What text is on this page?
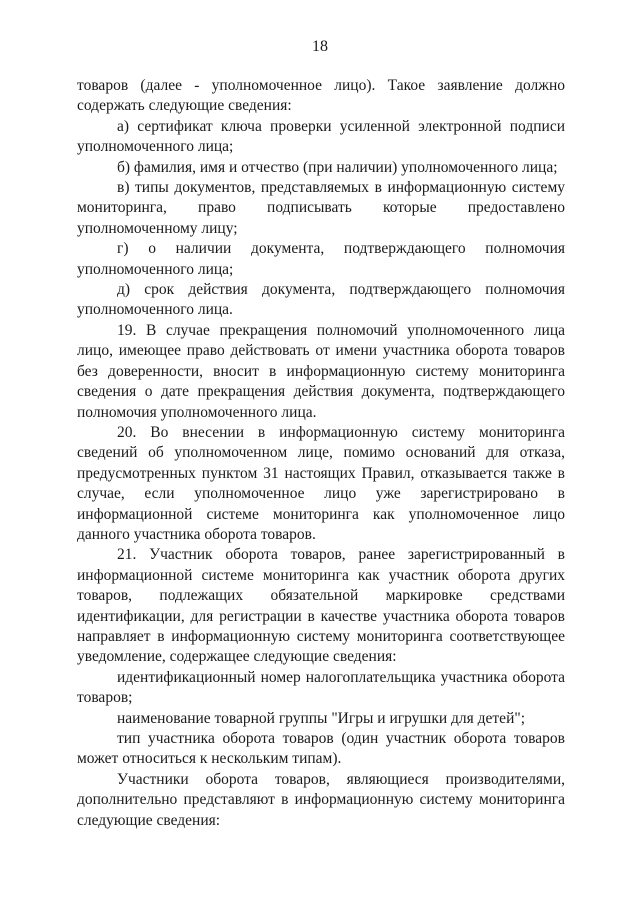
18

товаров (далее - уполномоченное лицо). Такое заявление должно содержать следующие сведения:

а) сертификат ключа проверки усиленной электронной подписи уполномоченного лица;

б) фамилия, имя и отчество (при наличии) уполномоченного лица;

в) типы документов, представляемых в информационную систему мониторинга, право подписывать которые предоставлено уполномоченному лицу;

г) о наличии документа, подтверждающего полномочия уполномоченного лица;

д) срок действия документа, подтверждающего полномочия уполномоченного лица.

19. В случае прекращения полномочий уполномоченного лица лицо, имеющее право действовать от имени участника оборота товаров без доверенности, вносит в информационную систему мониторинга сведения о дате прекращения действия документа, подтверждающего полномочия уполномоченного лица.

20. Во внесении в информационную систему мониторинга сведений об уполномоченном лице, помимо оснований для отказа, предусмотренных пунктом 31 настоящих Правил, отказывается также в случае, если уполномоченное лицо уже зарегистрировано в информационной системе мониторинга как уполномоченное лицо данного участника оборота товаров.

21. Участник оборота товаров, ранее зарегистрированный в информационной системе мониторинга как участник оборота других товаров, подлежащих обязательной маркировке средствами идентификации, для регистрации в качестве участника оборота товаров направляет в информационную систему мониторинга соответствующее уведомление, содержащее следующие сведения:

идентификационный номер налогоплательщика участника оборота товаров;

наименование товарной группы "Игры и игрушки для детей";

тип участника оборота товаров (один участник оборота товаров может относиться к нескольким типам).

Участники оборота товаров, являющиеся производителями, дополнительно представляют в информационную систему мониторинга следующие сведения:
